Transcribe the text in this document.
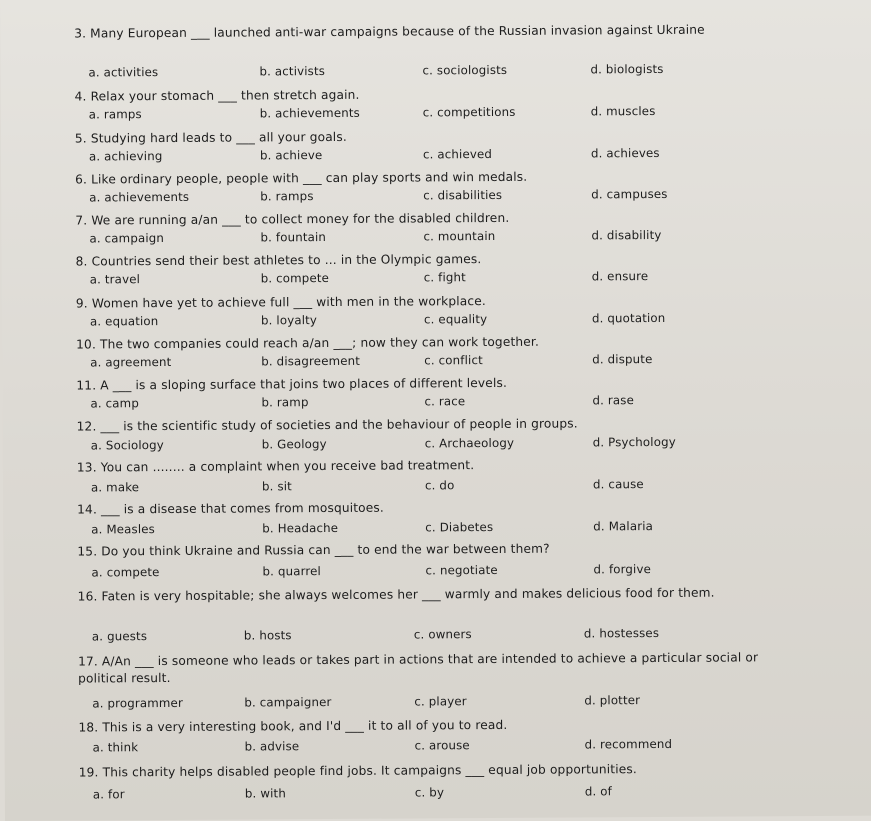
3. Many European ___ launched anti-war campaigns because of the Russian invasion against Ukraine
a. activities	b. activists	c. sociologists	d. biologists
4. Relax your stomach ___ then stretch again.
a. ramps	b. achievements	c. competitions	d. muscles
5. Studying hard leads to ___ all your goals.
a. achieving	b. achieve	c. achieved	d. achieves
6. Like ordinary people, people with ___ can play sports and win medals.
a. achievements	b. ramps	c. disabilities	d. campuses
7. We are running a/an ___ to collect money for the disabled children.
a. campaign	b. fountain	c. mountain	d. disability
8. Countries send their best athletes to ... in the Olympic games.
a. travel	b. compete	c. fight	d. ensure
9. Women have yet to achieve full ___ with men in the workplace.
a. equation	b. loyalty	c. equality	d. quotation
10. The two companies could reach a/an ___; now they can work together.
a. agreement	b. disagreement	c. conflict	d. dispute
11. A ___ is a sloping surface that joins two places of different levels.
a. camp	b. ramp	c. race	d. rase
12. ___ is the scientific study of societies and the behaviour of people in groups.
a. Sociology	b. Geology	c. Archaeology	d. Psychology
13. You can ........ a complaint when you receive bad treatment.
a. make	b. sit	c. do	d. cause
14. ___ is a disease that comes from mosquitoes.
a. Measles	b. Headache	c. Diabetes	d. Malaria
15. Do you think Ukraine and Russia can ___ to end the war between them?
a. compete	b. quarrel	c. negotiate	d. forgive
16. Faten is very hospitable; she always welcomes her ___ warmly and makes delicious food for them.
a. guests	b. hosts	c. owners	d. hostesses
17. A/An ___ is someone who leads or takes part in actions that are intended to achieve a particular social or political result.
a. programmer	b. campaigner	c. player	d. plotter
18. This is a very interesting book, and I'd ___ it to all of you to read.
a. think	b. advise	c. arouse	d. recommend
19. This charity helps disabled people find jobs. It campaigns ___ equal job opportunities.
a. for	b. with	c. by	d. of
